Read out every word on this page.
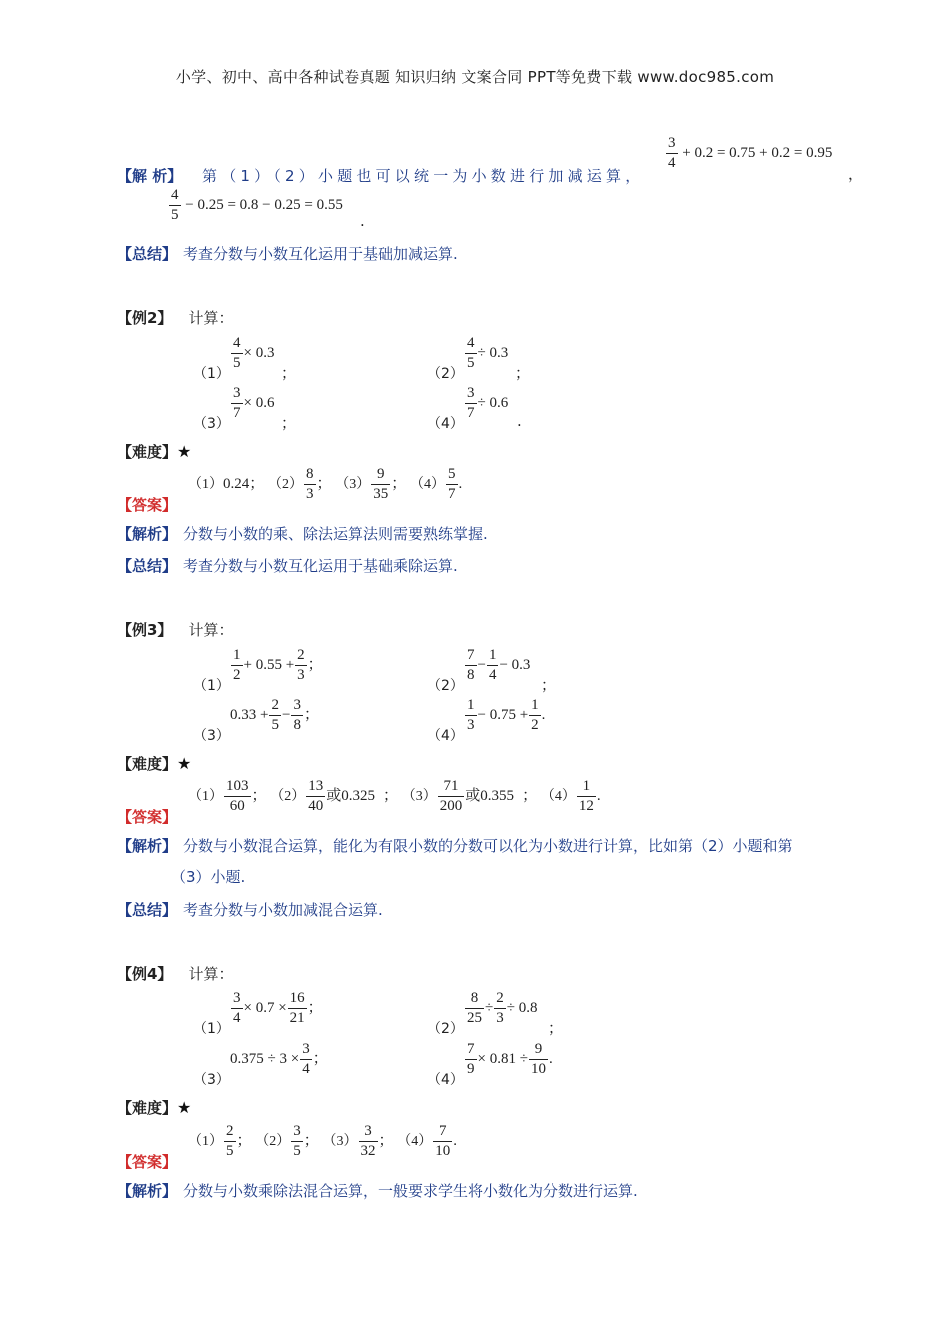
小学、初中、高中各种试卷真题 知识归纳 文案合同 PPT等免费下载 www.doc985.com
【解 析】 第（1）（2）小题也可以统一为小数进行加减运算，
$\frac{3}{4} + 0.2 = 0.75 + 0.2 = 0.95$
，
$\frac{4}{5} - 0.25 = 0.8 - 0.25 = 0.55$
.
【总结】 考查分数与小数互化运用于基础加减运算.
【例2】 计算：
（1）
$\frac{4}{5} \times 0.3$
；	（2）
$\frac{4}{5} \div 0.3$
；
（3）
$\frac{3}{7} \times 0.6$
；	（4）
$\frac{3}{7} \div 0.6$
.
【难度】★
【答案】
（1）0.24； $(2) \frac{8}{3}$ ； $(3) \frac{9}{35}$ ； $(4) \frac{5}{7}$ .
【解析】 分数与小数的乘、除法运算法则需要熟练掌握.
【总结】 考查分数与小数互化运用于基础乘除运算.
【例3】 计算：
（1）
$\frac{1}{2} + 0.55 + \frac{2}{3}$ ；
（2）
$\frac{7}{8} - \frac{1}{4} - 0.3$
；
（3）
$0.33 + \frac{2}{5} - \frac{3}{8}$ ；
（4）
$\frac{1}{3} - 0.75 + \frac{1}{2}$ .
【难度】★
【答案】
$(1) \frac{103}{60}$ ； $(2) \frac{13}{40}$ 或0.325 ； $(3) \frac{71}{200}$ 或0.355 ； $(4) \frac{1}{12}$ .
【解析】 分数与小数混合运算，能化为有限小数的分数可以化为小数进行计算，比如第（2）小题和第
（3）小题.
【总结】 考查分数与小数加减混合运算.
【例4】 计算：
（1）
$\frac{3}{4} \times 0.7 \times \frac{16}{21}$ ；
（2）
$\frac{8}{25} \div \frac{2}{3} \div 0.8$
；
（3）
$0.375 \div 3 \times \frac{3}{4}$ ；
（4）
$\frac{7}{9} \times 0.81 \div \frac{9}{10}$ .
【难度】★
【答案】
$(1) \frac{2}{5}$ ； $(2) \frac{3}{5}$ ； $(3) \frac{3}{32}$ ； $(4) \frac{7}{10}$ .
【解析】 分数与小数乘除法混合运算，一般要求学生将小数化为分数进行运算.
